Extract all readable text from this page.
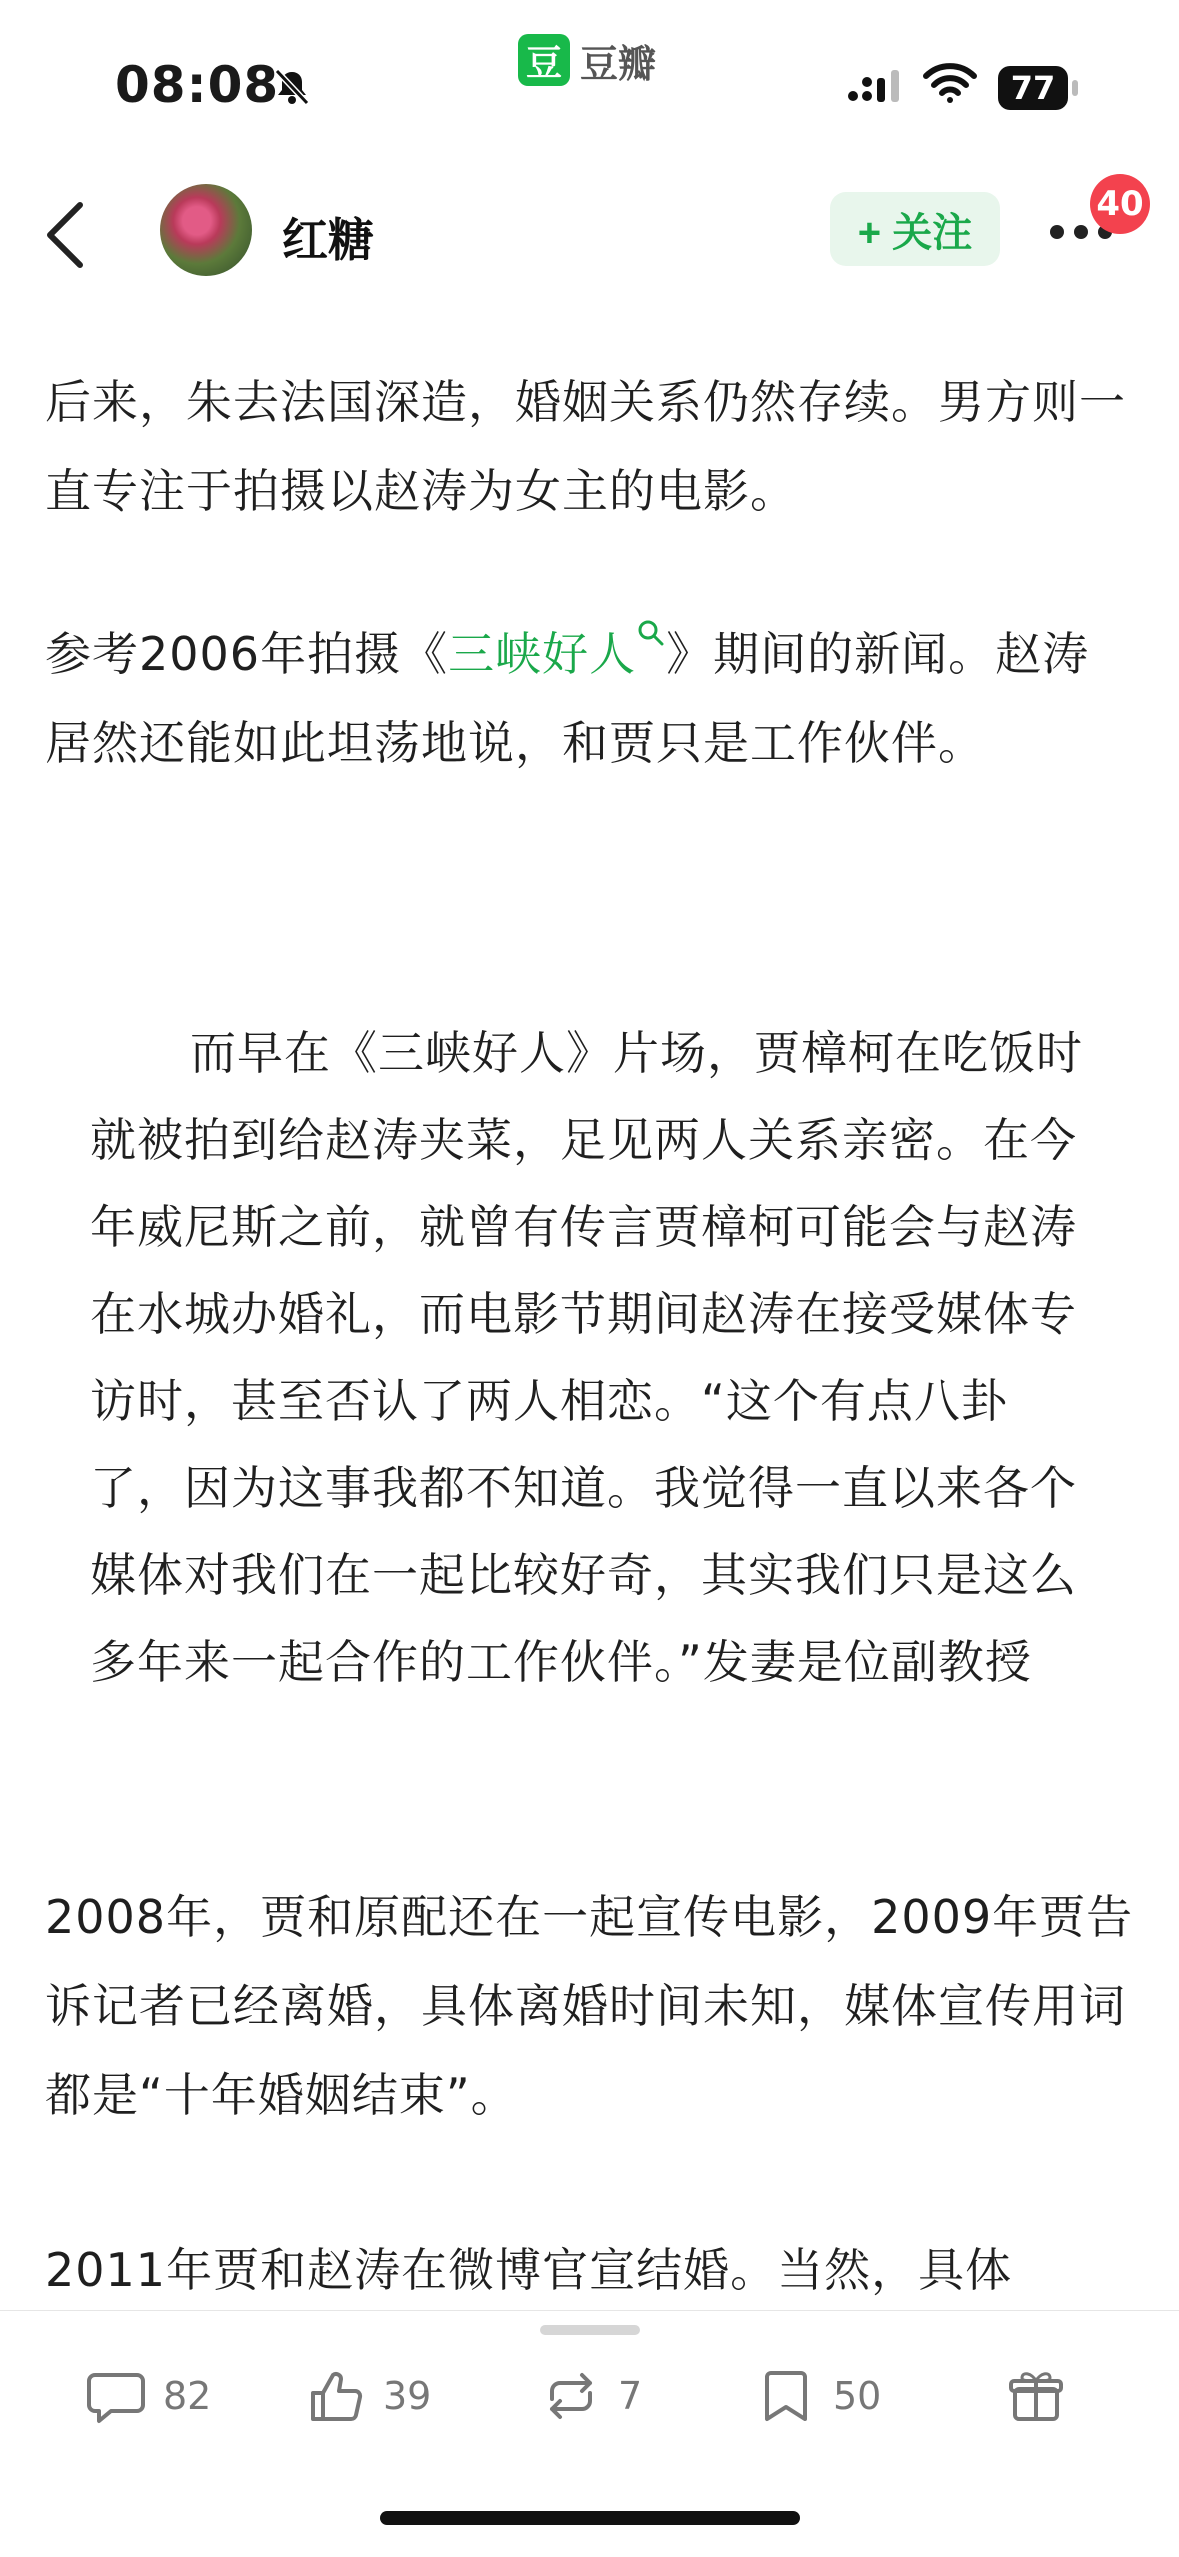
08:08	豆 豆瓣
77
红糖	+ 关注
40

后来，朱去法国深造，婚姻关系仍然存续。男方则一直专注于拍摄以赵涛为女主的电影。

参考2006年拍摄《三峡好人 》期间的新闻。赵涛居然还能如此坦荡地说，和贾只是工作伙伴。

而早在《三峡好人》片场，贾樟柯在吃饭时就被拍到给赵涛夹菜，足见两人关系亲密。在今年威尼斯之前，就曾有传言贾樟柯可能会与赵涛在水城办婚礼，而电影节期间赵涛在接受媒体专访时，甚至否认了两人相恋。“这个有点八卦了，因为这事我都不知道。我觉得一直以来各个媒体对我们在一起比较好奇，其实我们只是这么多年来一起合作的工作伙伴。”发妻是位副教授

2008年，贾和原配还在一起宣传电影，2009年贾告诉记者已经离婚，具体离婚时间未知，媒体宣传用词都是“十年婚姻结束”。

2011年贾和赵涛在微博官宣结婚。当然，具体

82	39	7	50
